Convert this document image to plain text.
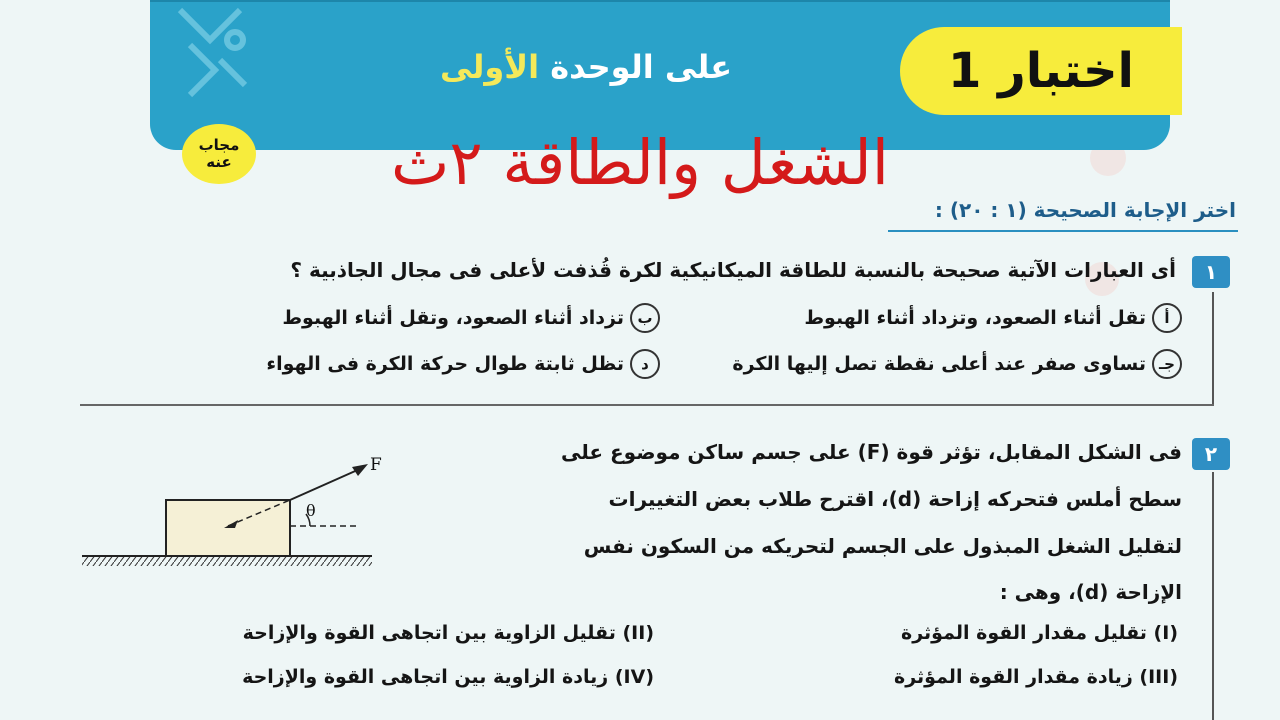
على الوحدة الأولى	اختبار 1
مجاب
عنه	الشغل والطاقة ٢ث
اختر الإجابة الصحيحة (١ : ٢٠) :
١
أى العبارات الآتية صحيحة بالنسبة للطاقة الميكانيكية لكرة قُذفت لأعلى فى مجال الجاذبية ؟
أ
تقل أثناء الصعود، وتزداد أثناء الهبوط
ب
تزداد أثناء الصعود، وتقل أثناء الهبوط
جـ
تساوى صفر عند أعلى نقطة تصل إليها الكرة
د
تظل ثابتة طوال حركة الكرة فى الهواء
٢
فى الشكل المقابل، تؤثر قوة (F) على جسم ساكن موضوع على
سطح أملس فتحركه إزاحة (d)، اقترح طلاب بعض التغييرات
لتقليل الشغل المبذول على الجسم لتحريكه من السكون نفس
الإزاحة (d)، وهى :
(I) تقليل مقدار القوة المؤثرة
(II) تقليل الزاوية بين اتجاهى القوة والإزاحة
(III) زيادة مقدار القوة المؤثرة
(IV) زيادة الزاوية بين اتجاهى القوة والإزاحة
F
θ
